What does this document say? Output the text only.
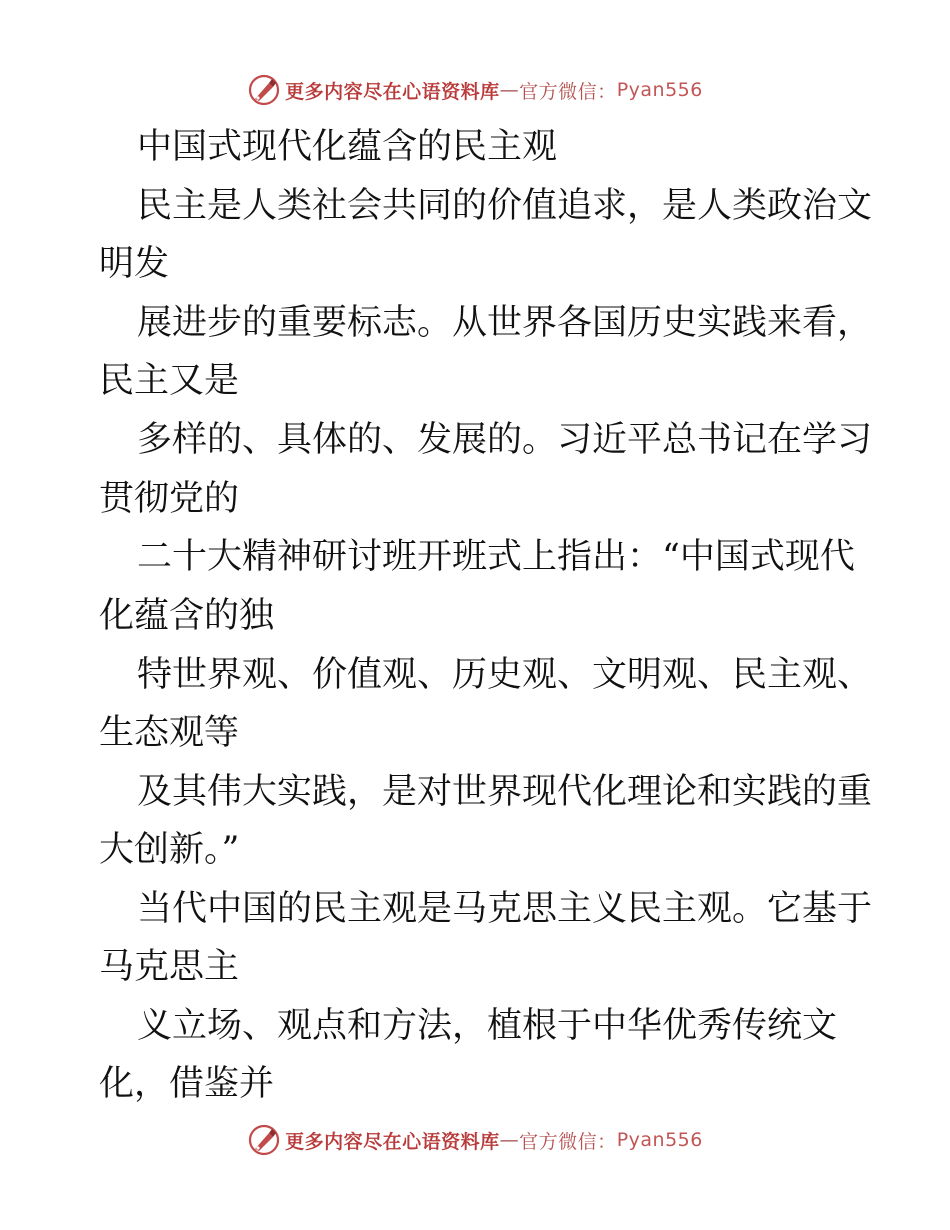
更多内容尽在心语资料库 — 官方微信： Pyan556
中国式现代化蕴含的民主观
民主是人类社会共同的价值追求，是人类政治文
明发
展进步的重要标志。从世界各国历史实践来看，
民主又是
多样的、具体的、发展的。习近平总书记在学习
贯彻党的
二十大精神研讨班开班式上指出：“中国式现代
化蕴含的独
特世界观、价值观、历史观、文明观、民主观、
生态观等
及其伟大实践，是对世界现代化理论和实践的重
大创新。”
当代中国的民主观是马克思主义民主观。它基于
马克思主
义立场、观点和方法，植根于中华优秀传统文
化，借鉴并
更多内容尽在心语资料库 — 官方微信： Pyan556
